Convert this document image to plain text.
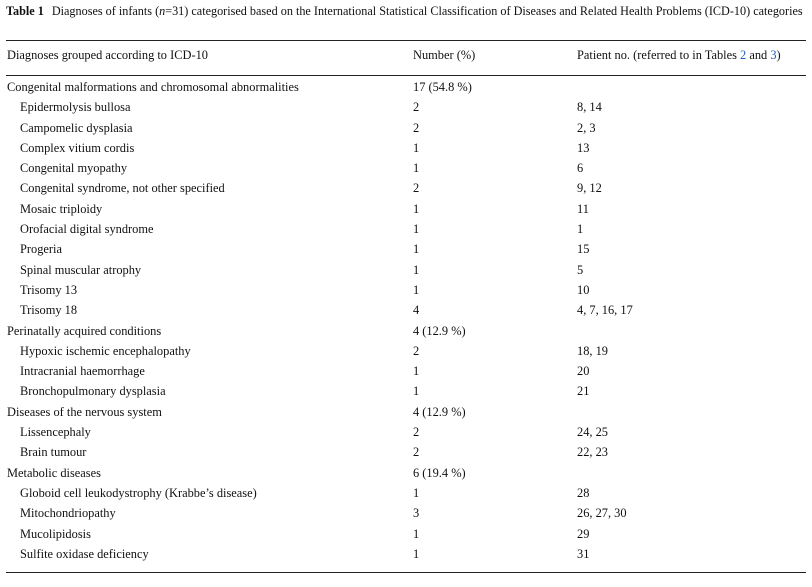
Table 1 Diagnoses of infants (n=31) categorised based on the International Statistical Classification of Diseases and Related Health Problems (ICD-10) categories
Diagnoses grouped according to ICD-10	Number (%)	Patient no. (referred to in Tables 2 and 3)
Congenital malformations and chromosomal abnormalities	17 (54.8 %)
Epidermolysis bullosa	2	8, 14
Campomelic dysplasia	2	2, 3
Complex vitium cordis	1	13
Congenital myopathy	1	6
Congenital syndrome, not other specified	2	9, 12
Mosaic triploidy	1	11
Orofacial digital syndrome	1	1
Progeria	1	15
Spinal muscular atrophy	1	5
Trisomy 13	1	10
Trisomy 18	4	4, 7, 16, 17
Perinatally acquired conditions	4 (12.9 %)
Hypoxic ischemic encephalopathy	2	18, 19
Intracranial haemorrhage	1	20
Bronchopulmonary dysplasia	1	21
Diseases of the nervous system	4 (12.9 %)
Lissencephaly	2	24, 25
Brain tumour	2	22, 23
Metabolic diseases	6 (19.4 %)
Globoid cell leukodystrophy (Krabbe’s disease)	1	28
Mitochondriopathy	3	26, 27, 30
Mucolipidosis	1	29
Sulfite oxidase deficiency	1	31
